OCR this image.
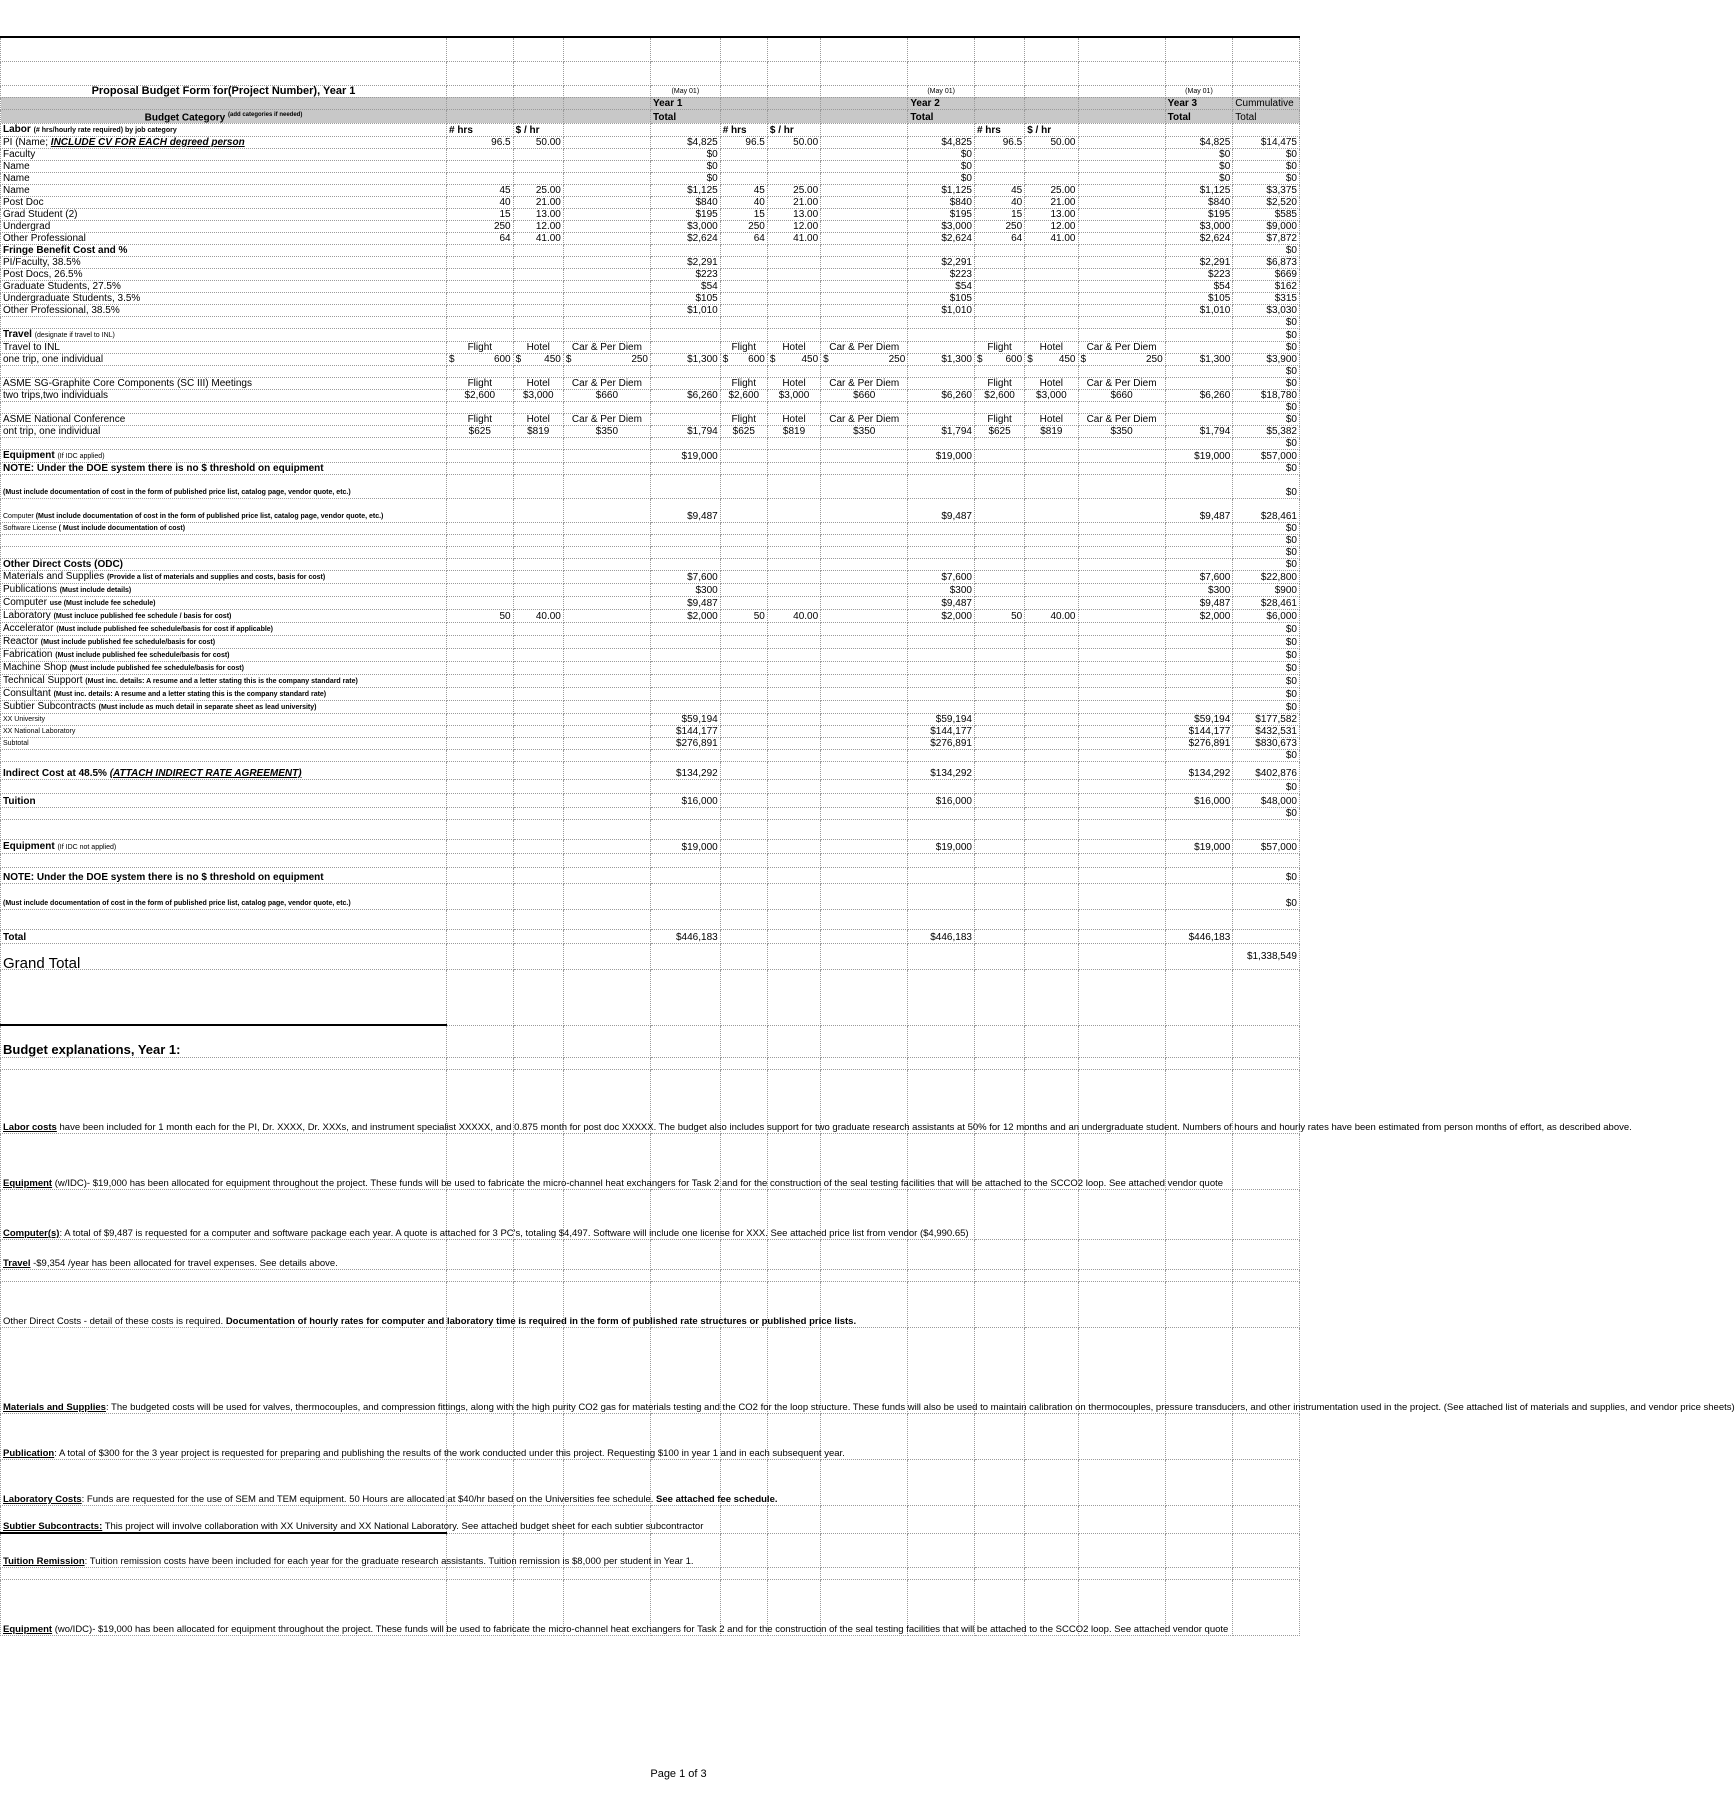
Proposal Budget Form for(Project Number), Year 1				(May 01)				(May 01)				(May 01)	
				Year 1				Year 2				Year 3	Cummulative
Budget Category $^{(add categories if needed)}$				Total				Total				Total	Total
Labor (# hrs/hourly rate required) by job category	# hrs	$ / hr			# hrs	$ / hr			# hrs	$ / hr			
PI (Name; INCLUDE CV FOR EACH degreed person	96.5	50.00		$4,825	96.5	50.00		$4,825	96.5	50.00		$4,825	$14,475
Faculty				$0				$0				$0	$0
Name				$0				$0				$0	$0
Name				$0				$0				$0	$0
Name	45	25.00		$1,125	45	25.00		$1,125	45	25.00		$1,125	$3,375
Post Doc	40	21.00		$840	40	21.00		$840	40	21.00		$840	$2,520
Grad Student (2)	15	13.00		$195	15	13.00		$195	15	13.00		$195	$585
Undergrad	250	12.00		$3,000	250	12.00		$3,000	250	12.00		$3,000	$9,000
Other Professional	64	41.00		$2,624	64	41.00		$2,624	64	41.00		$2,624	$7,872
Fringe Benefit Cost and %													$0
PI/Faculty, 38.5%				$2,291				$2,291				$2,291	$6,873
Post Docs, 26.5%				$223				$223				$223	$669
Graduate Students, 27.5%				$54				$54				$54	$162
Undergraduate Students, 3.5%				$105				$105				$105	$315
Other Professional, 38.5%				$1,010				$1,010				$1,010	$3,030
													$0
Travel (designate if travel to INL)													$0
Travel to INL	Flight	Hotel	Car & Per Diem		Flight	Hotel	Car & Per Diem		Flight	Hotel	Car & Per Diem		$0
one trip, one individual	$ 600	$ 450	$ 250	$1,300	$ 600	$ 450	$ 250	$1,300	$ 600	$ 450	$ 250	$1,300	$3,900
													$0
ASME SG-Graphite Core Components (SC III) Meetings	Flight	Hotel	Car & Per Diem		Flight	Hotel	Car & Per Diem		Flight	Hotel	Car & Per Diem		$0
two trips,two individuals	$2,600	$3,000	$660	$6,260	$2,600	$3,000	$660	$6,260	$2,600	$3,000	$660	$6,260	$18,780
													$0
ASME National Conference	Flight	Hotel	Car & Per Diem		Flight	Hotel	Car & Per Diem		Flight	Hotel	Car & Per Diem		$0
ont trip, one individual	$625	$819	$350	$1,794	$625	$819	$350	$1,794	$625	$819	$350	$1,794	$5,382
													$0
Equipment (If IDC applied)				$19,000				$19,000				$19,000	$57,000
NOTE: Under the DOE system there is no $ threshold on equipment													$0
(Must include documentation of cost in the form of published price list, catalog page, vendor quote, etc.)													$0
Computer (Must include documentation of cost in the form of published price list, catalog page, vendor quote, etc.)				$9,487				$9,487				$9,487	$28,461
Software License ( Must include documentation of cost)													$0
													$0
													$0
Other Direct Costs (ODC)													$0
Materials and Supplies (Provide a list of materials and supplies and costs, basis for cost)				$7,600				$7,600				$7,600	$22,800
Publications (Must include details)				$300				$300				$300	$900
Computer use (Must include fee schedule)				$9,487				$9,487				$9,487	$28,461
Laboratory (Must incluce published fee schedule / basis for cost)	50	40.00		$2,000	50	40.00		$2,000	50	40.00		$2,000	$6,000
Accelerator (Must include published fee schedule/basis for cost if applicable)													$0
Reactor (Must include published fee schedule/basis for cost)													$0
Fabrication (Must include published fee schedule/basis for cost)													$0
Machine Shop (Must include published fee schedule/basis for cost)													$0
Technical Support (Must inc. details: A resume and a letter stating this is the company standard rate)													$0
Consultant (Must inc. details: A resume and a letter stating this is the company standard rate)													$0
Subtier Subcontracts (Must include as much detail in separate sheet as lead university)													$0
XX University				$59,194				$59,194				$59,194	$177,582
XX National Laboratory				$144,177				$144,177				$144,177	$432,531
Subtotal				$276,891				$276,891				$276,891	$830,673
													$0
Indirect Cost at 48.5% (ATTACH INDIRECT RATE AGREEMENT)				$134,292				$134,292				$134,292	$402,876
													$0
Tuition				$16,000				$16,000				$16,000	$48,000
													$0

Equipment (If IDC not applied)				$19,000				$19,000				$19,000	$57,000

NOTE: Under the DOE system there is no $ threshold on equipment													$0
(Must include documentation of cost in the form of published price list, catalog page, vendor quote, etc.)													$0

Total				$446,183				$446,183				$446,183	
Grand Total													$1,338,549

Budget explanations, Year 1:													

Labor costs have been included for 1 month each for the PI, Dr. XXXX, Dr. XXXs, and instrument specialist XXXXX, and 0.875 month for post doc XXXXX. The budget also includes support for two graduate research assistants at 50% for 12 months and an undergraduate student. Numbers of hours and hourly rates have been estimated from person months of effort, as described above.													
Equipment (w/IDC)- $19,000 has been allocated for equipment throughout the project. These funds will be used to fabricate the micro-channel heat exchangers for Task 2 and for the construction of the seal testing facilities that will be attached to the SCCO2 loop. See attached vendor quote													
Computer(s): A total of $9,487 is requested for a computer and software package each year. A quote is attached for 3 PC's, totaling $4,497. Software will include one license for XXX. See attached price list from vendor ($4,990.65)													
Travel -$9,354 /year has been allocated for travel expenses. See details above.													

Other Direct Costs - detail of these costs is required. Documentation of hourly rates for computer and laboratory time is required in the form of published rate structures or published price lists.													
Materials and Supplies: The budgeted costs will be used for valves, thermocouples, and compression fittings, along with the high purity CO2 gas for materials testing and the CO2 for the loop structure. These funds will also be used to maintain calibration on thermocouples, pressure transducers, and other instrumentation used in the project. (See attached list of materials and supplies, and vendor price sheets)													
Publication: A total of $300 for the 3 year project is requested for preparing and publishing the results of the work conducted under this project. Requesting $100 in year 1 and in each subsequent year.													
Laboratory Costs: Funds are requested for the use of SEM and TEM equipment. 50 Hours are allocated at $40/hr based on the Universities fee schedule. See attached fee schedule.													
Subtier Subcontracts: This project will involve collaboration with XX University and XX National Laboratory. See attached budget sheet for each subtier subcontractor													
Tuition Remission: Tuition remission costs have been included for each year for the graduate research assistants. Tuition remission is $8,000 per student in Year 1.													

Equipment (wo/IDC)- $19,000 has been allocated for equipment throughout the project. These funds will be used to fabricate the micro-channel heat exchangers for Task 2 and for the construction of the seal testing facilities that will be attached to the SCCO2 loop. See attached vendor quote													
Page 1 of 3
